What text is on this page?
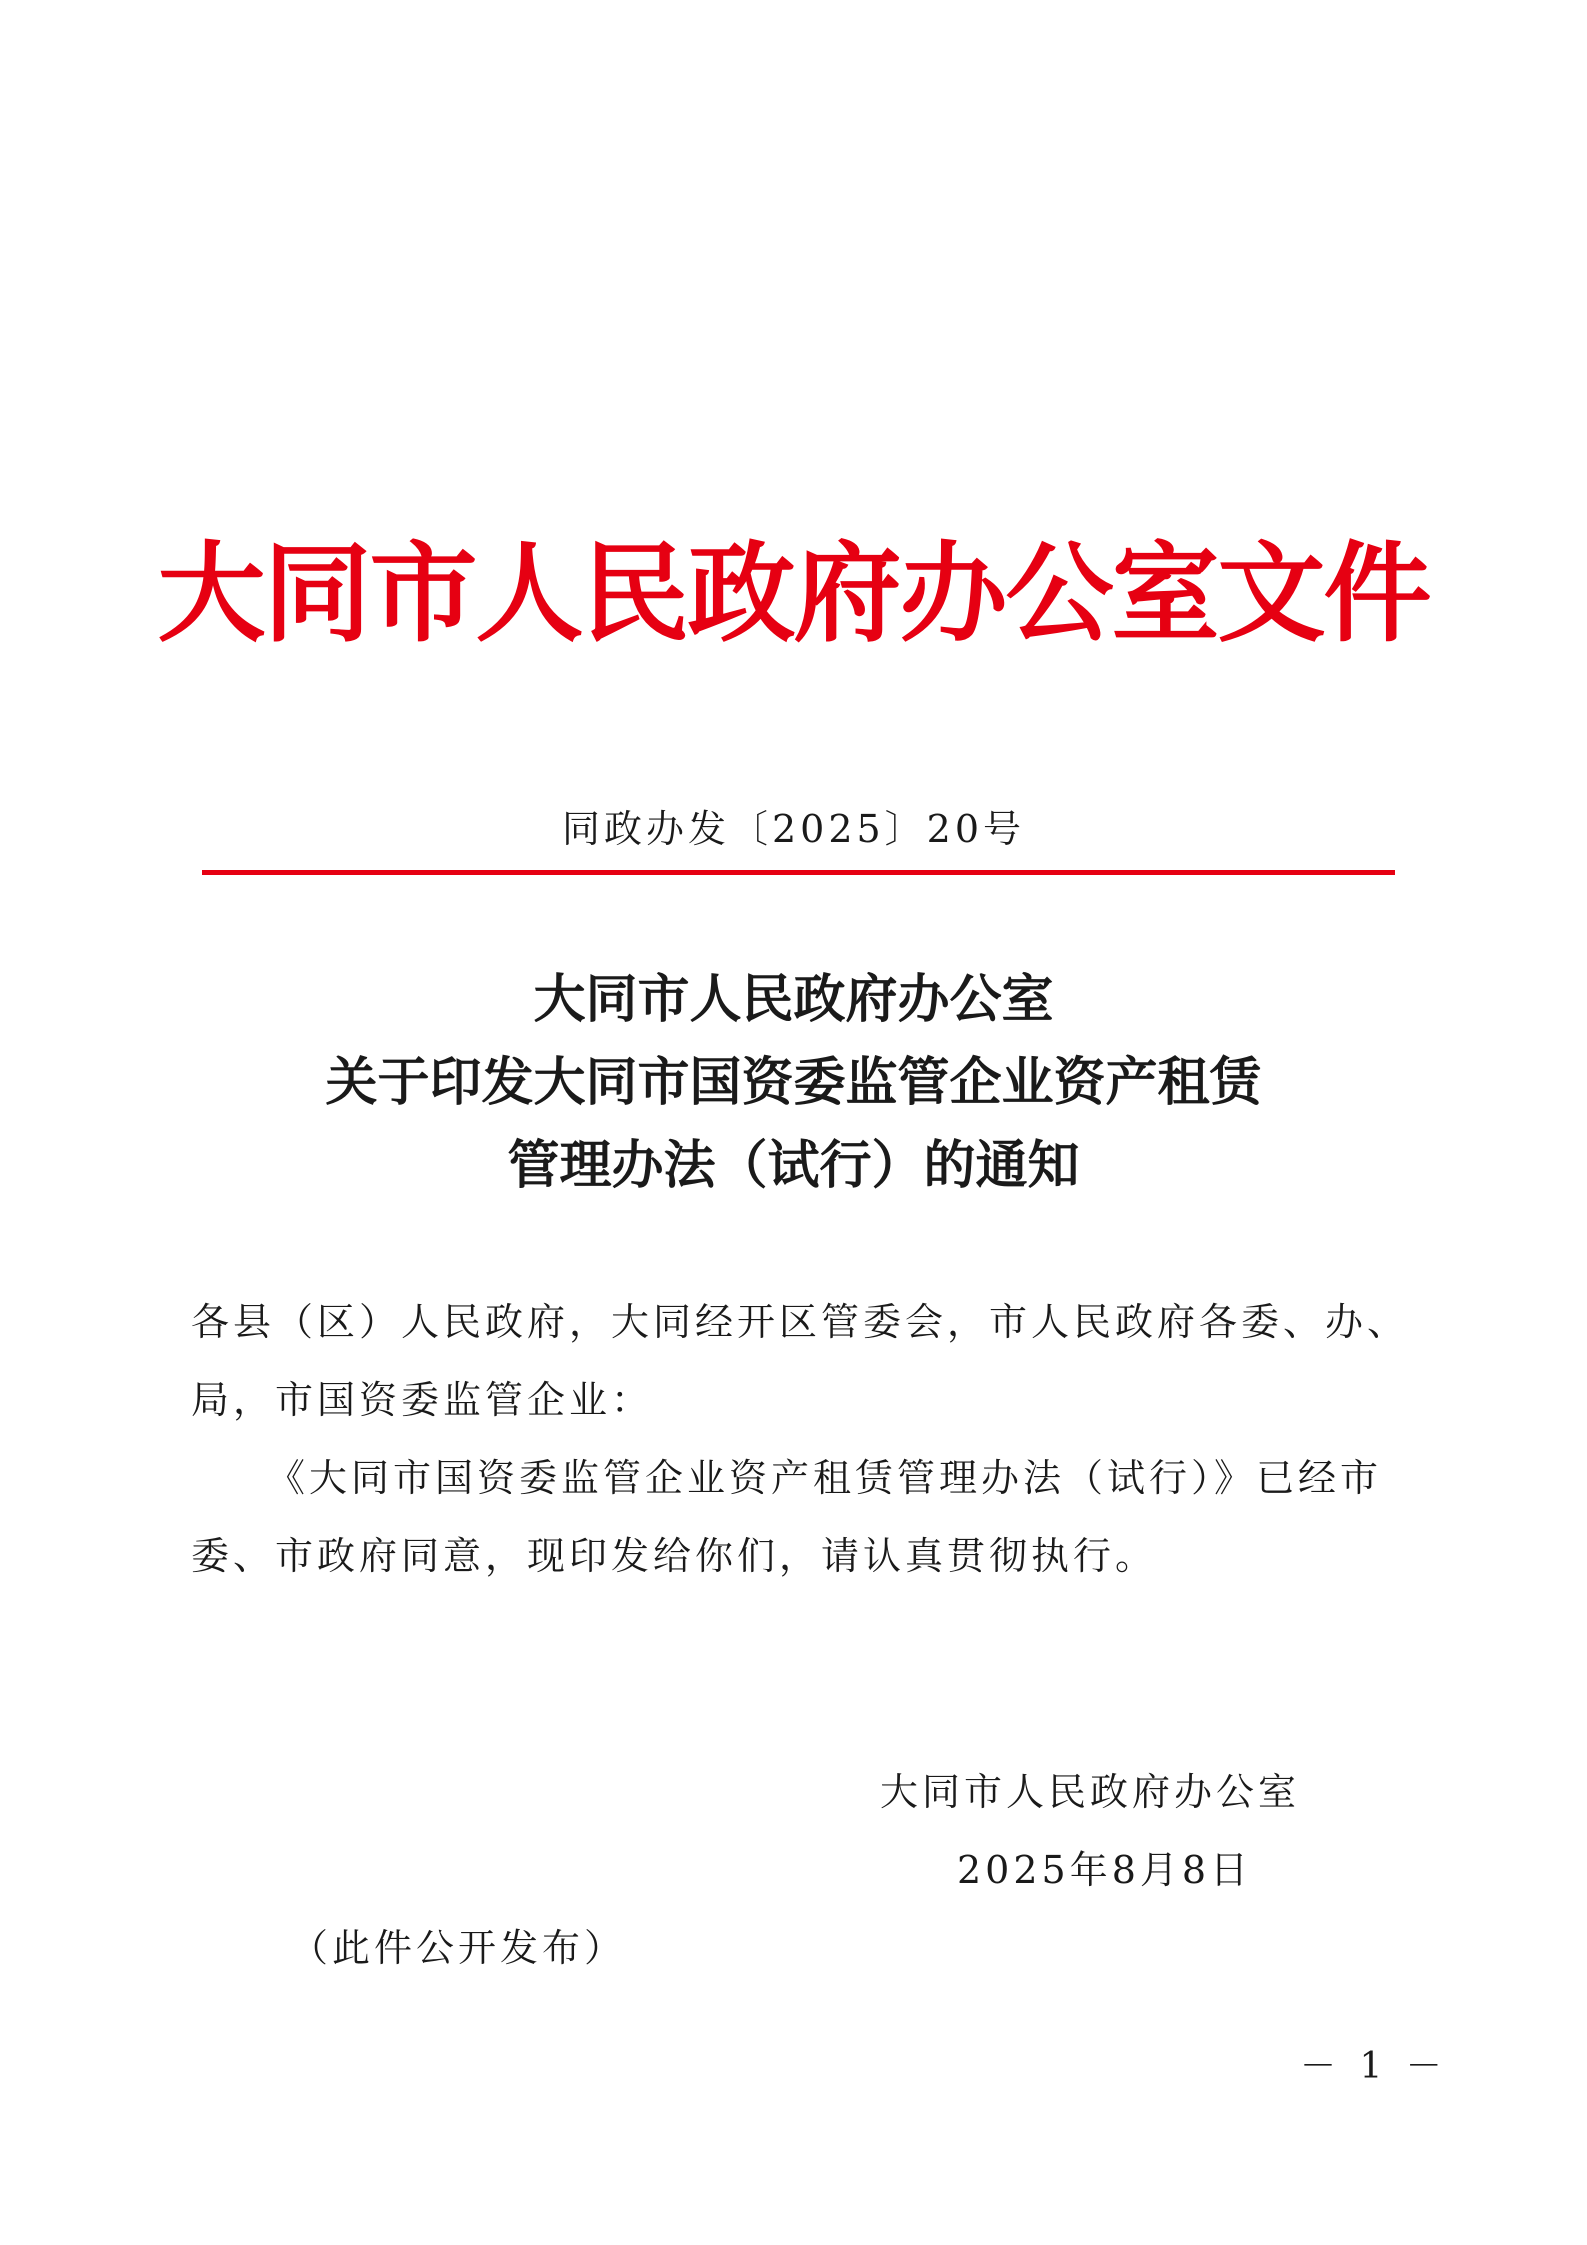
大同市人民政府办公室文件
同政办发〔2025〕20号
大同市人民政府办公室
关于印发大同市国资委监管企业资产租赁
管理办法（试行）的通知
各县（区）人民政府，大同经开区管委会，市人民政府各委、办、
局，市国资委监管企业：
《大同市国资委监管企业资产租赁管理办法（试行）》已经市
委、市政府同意，现印发给你们，请认真贯彻执行。
大同市人民政府办公室
2025年8月8日
（此件公开发布）
－ 1 －
